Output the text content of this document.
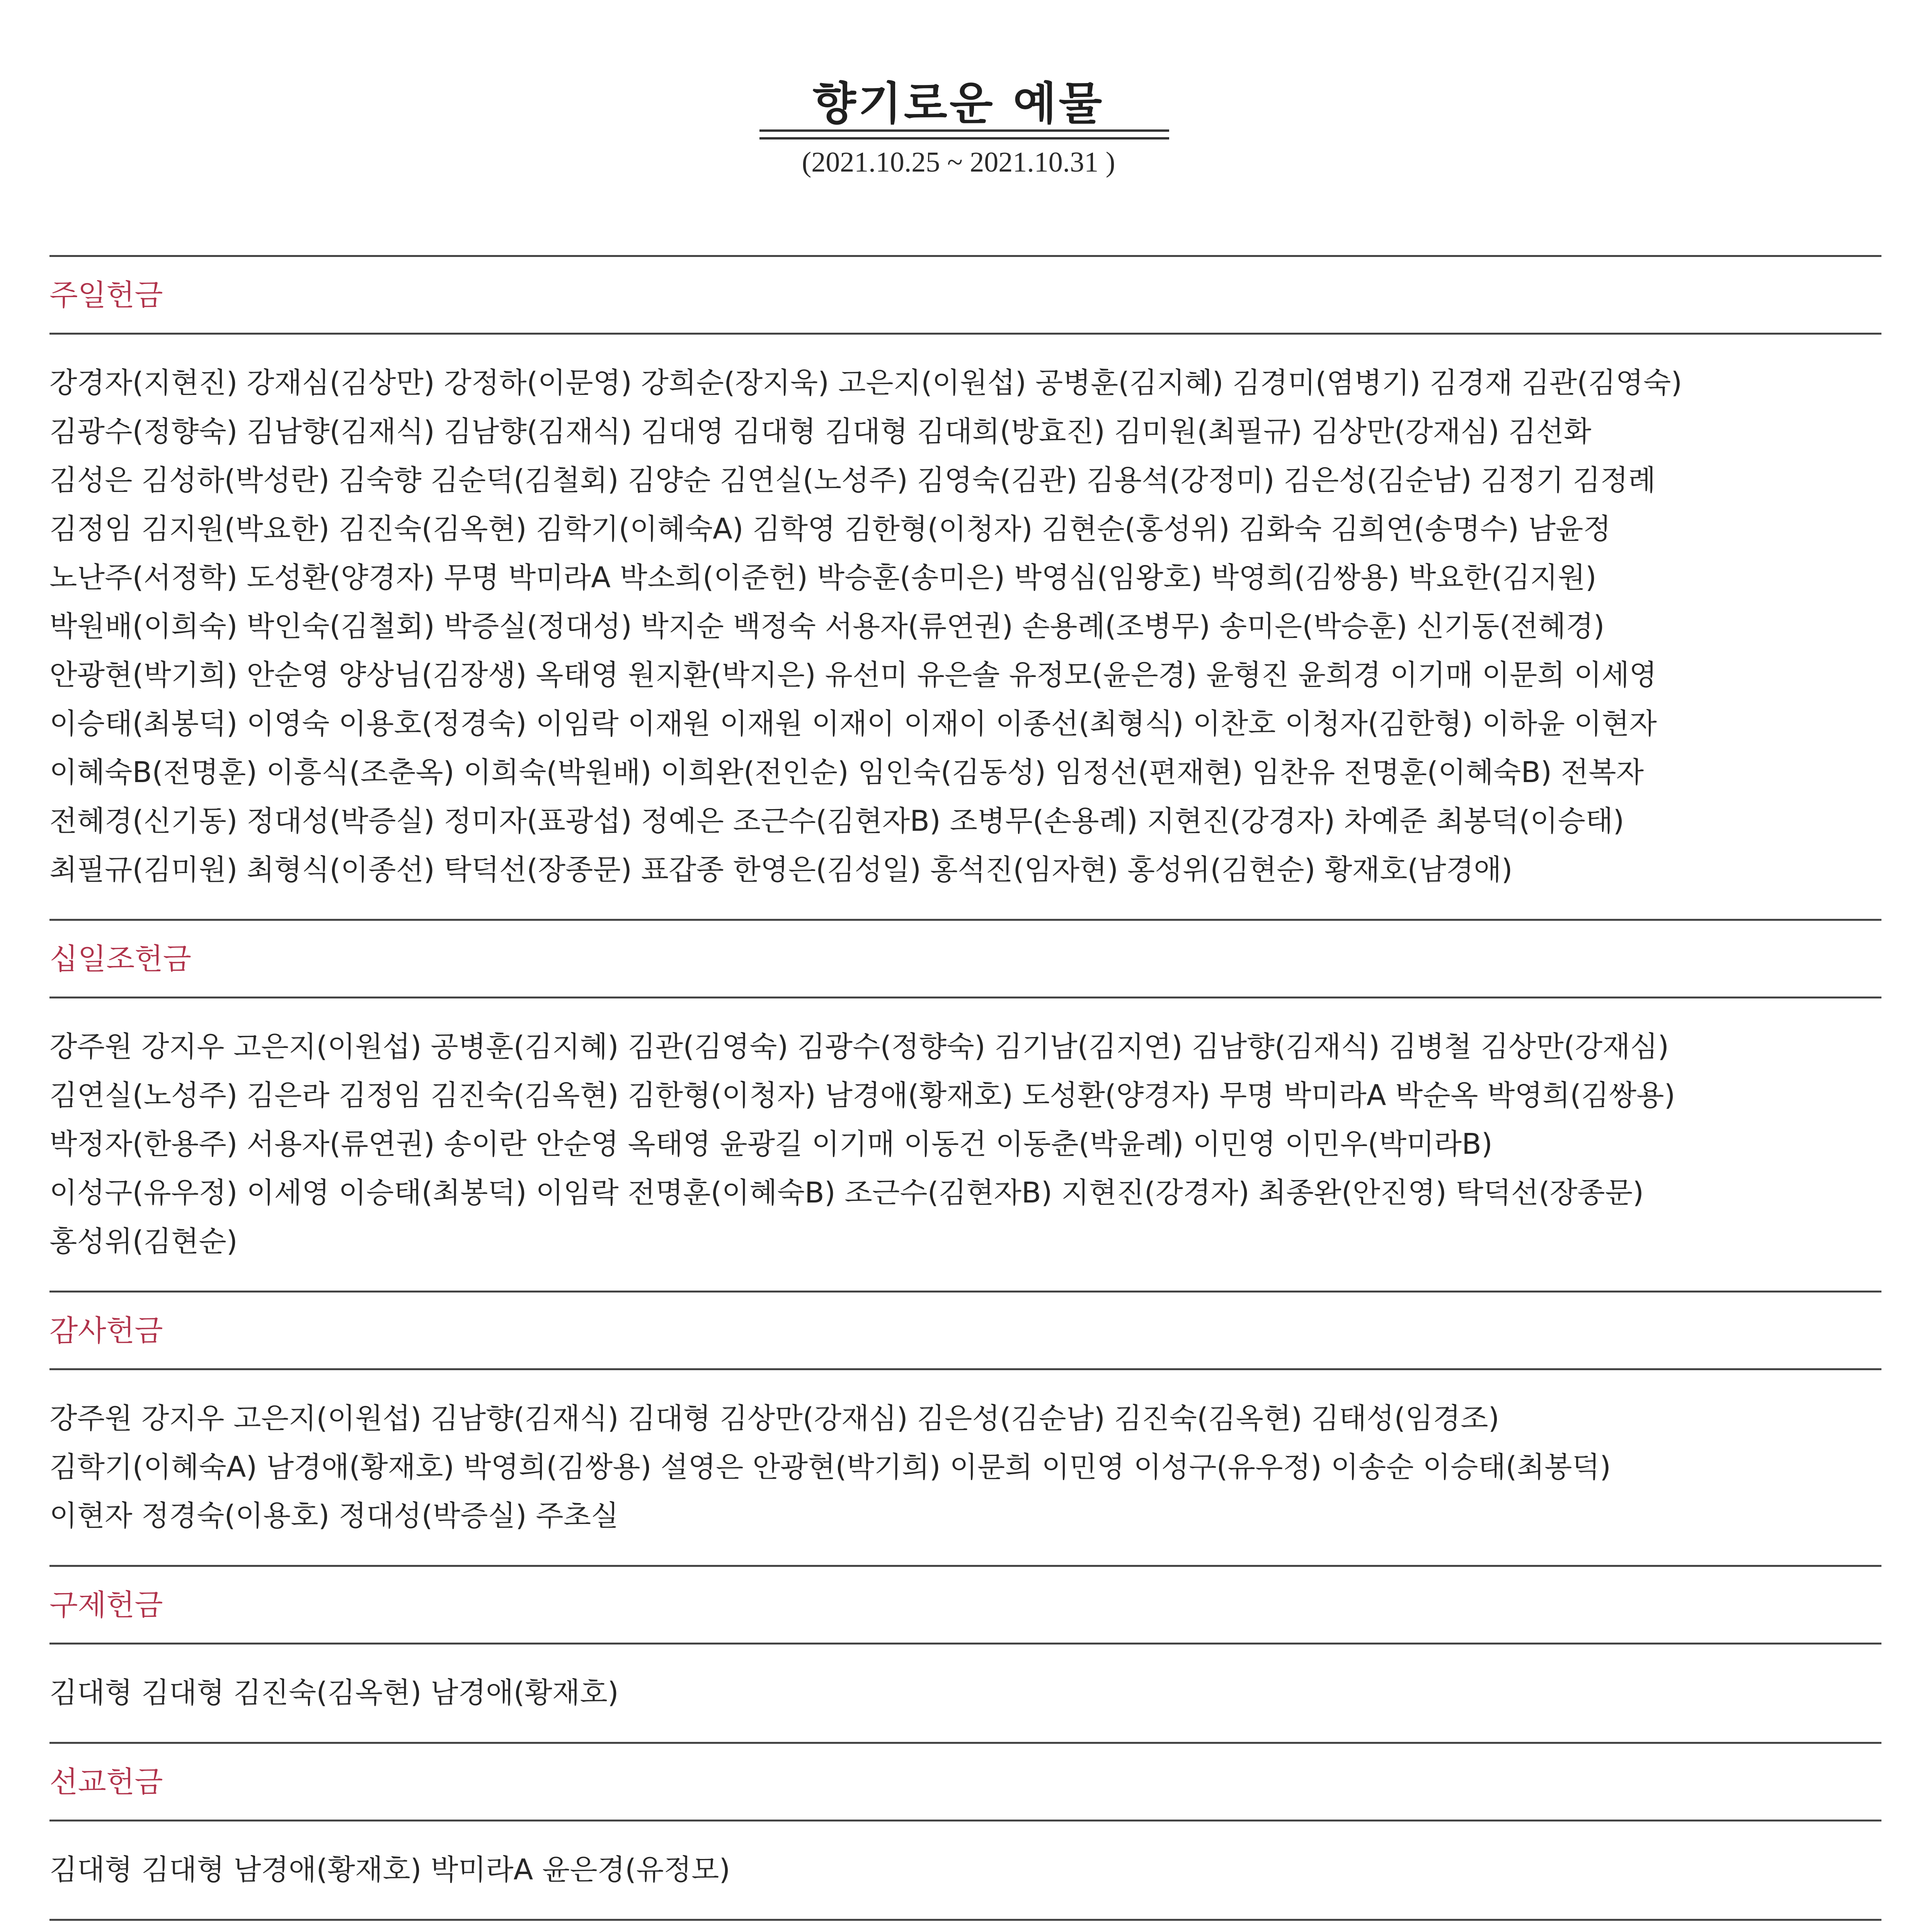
향기로운 예물
(2021.10.25 ~ 2021.10.31 )
주일헌금
강경자(지현진) 강재심(김상만) 강정하(이문영) 강희순(장지욱) 고은지(이원섭) 공병훈(김지혜) 김경미(염병기) 김경재 김관(김영숙)
김광수(정향숙) 김남향(김재식) 김남향(김재식) 김대영 김대형 김대형 김대희(방효진) 김미원(최필규) 김상만(강재심) 김선화
김성은 김성하(박성란) 김숙향 김순덕(김철회) 김양순 김연실(노성주) 김영숙(김관) 김용석(강정미) 김은성(김순남) 김정기 김정례
김정임 김지원(박요한) 김진숙(김옥현) 김학기(이혜숙A) 김학영 김한형(이청자) 김현순(홍성위) 김화숙 김희연(송명수) 남윤정
노난주(서정학) 도성환(양경자) 무명 박미라A 박소희(이준헌) 박승훈(송미은) 박영심(임왕호) 박영희(김쌍용) 박요한(김지원)
박원배(이희숙) 박인숙(김철회) 박증실(정대성) 박지순 백정숙 서용자(류연권) 손용례(조병무) 송미은(박승훈) 신기동(전혜경)
안광현(박기희) 안순영 양상님(김장생) 옥태영 원지환(박지은) 유선미 유은솔 유정모(윤은경) 윤형진 윤희경 이기매 이문희 이세영
이승태(최봉덕) 이영숙 이용호(정경숙) 이임락 이재원 이재원 이재이 이재이 이종선(최형식) 이찬호 이청자(김한형) 이하윤 이현자
이혜숙B(전명훈) 이흥식(조춘옥) 이희숙(박원배) 이희완(전인순) 임인숙(김동성) 임정선(편재현) 임찬유 전명훈(이혜숙B) 전복자
전혜경(신기동) 정대성(박증실) 정미자(표광섭) 정예은 조근수(김현자B) 조병무(손용례) 지현진(강경자) 차예준 최봉덕(이승태)
최필규(김미원) 최형식(이종선) 탁덕선(장종문) 표갑종 한영은(김성일) 홍석진(임자현) 홍성위(김현순) 황재호(남경애)
십일조헌금
강주원 강지우 고은지(이원섭) 공병훈(김지혜) 김관(김영숙) 김광수(정향숙) 김기남(김지연) 김남향(김재식) 김병철 김상만(강재심)
김연실(노성주) 김은라 김정임 김진숙(김옥현) 김한형(이청자) 남경애(황재호) 도성환(양경자) 무명 박미라A 박순옥 박영희(김쌍용)
박정자(한용주) 서용자(류연권) 송이란 안순영 옥태영 윤광길 이기매 이동건 이동춘(박윤례) 이민영 이민우(박미라B)
이성구(유우정) 이세영 이승태(최봉덕) 이임락 전명훈(이혜숙B) 조근수(김현자B) 지현진(강경자) 최종완(안진영) 탁덕선(장종문)
홍성위(김현순)
감사헌금
강주원 강지우 고은지(이원섭) 김남향(김재식) 김대형 김상만(강재심) 김은성(김순남) 김진숙(김옥현) 김태성(임경조)
김학기(이혜숙A) 남경애(황재호) 박영희(김쌍용) 설영은 안광현(박기희) 이문희 이민영 이성구(유우정) 이송순 이승태(최봉덕)
이현자 정경숙(이용호) 정대성(박증실) 주초실
구제헌금
김대형 김대형 김진숙(김옥현) 남경애(황재호)
선교헌금
김대형 김대형 남경애(황재호) 박미라A 윤은경(유정모)
